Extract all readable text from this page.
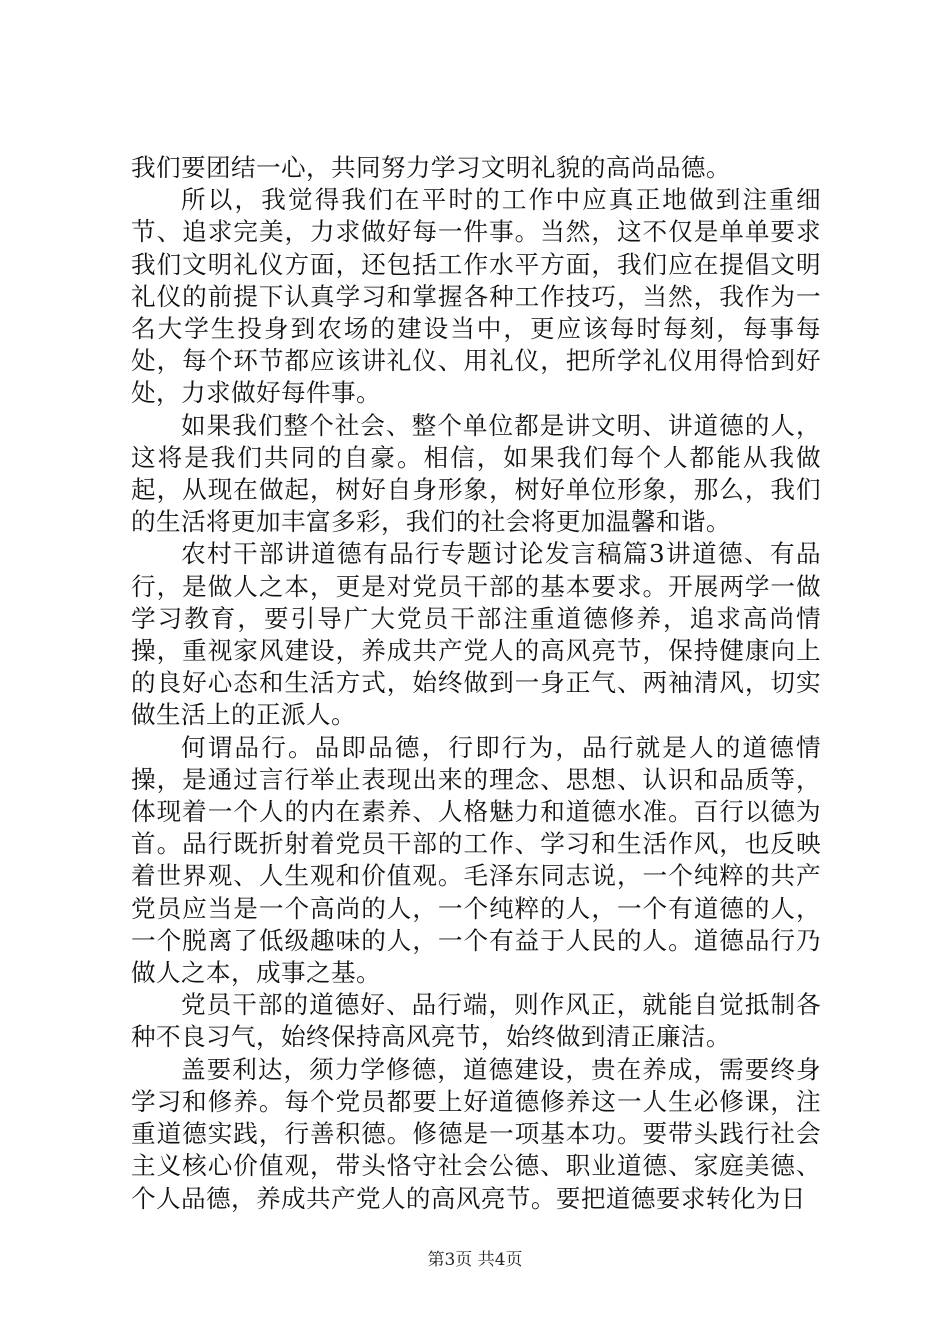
我们要团结一心，共同努力学习文明礼貌的高尚品德。

所以，我觉得我们在平时的工作中应真正地做到注重细节、追求完美，力求做好每一件事。当然，这不仅是单单要求我们文明礼仪方面，还包括工作水平方面，我们应在提倡文明礼仪的前提下认真学习和掌握各种工作技巧，当然，我作为一名大学生投身到农场的建设当中，更应该每时每刻，每事每处，每个环节都应该讲礼仪、用礼仪，把所学礼仪用得恰到好处，力求做好每件事。

如果我们整个社会、整个单位都是讲文明、讲道德的人，这将是我们共同的自豪。相信，如果我们每个人都能从我做起，从现在做起，树好自身形象，树好单位形象，那么，我们的生活将更加丰富多彩，我们的社会将更加温馨和谐。

农村干部讲道德有品行专题讨论发言稿篇3讲道德、有品行，是做人之本，更是对党员干部的基本要求。开展两学一做学习教育，要引导广大党员干部注重道德修养，追求高尚情操，重视家风建设，养成共产党人的高风亮节，保持健康向上的良好心态和生活方式，始终做到一身正气、两袖清风，切实做生活上的正派人。

何谓品行。品即品德，行即行为，品行就是人的道德情操，是通过言行举止表现出来的理念、思想、认识和品质等，体现着一个人的内在素养、人格魅力和道德水准。百行以德为首。品行既折射着党员干部的工作、学习和生活作风，也反映着世界观、人生观和价值观。毛泽东同志说，一个纯粹的共产党员应当是一个高尚的人，一个纯粹的人，一个有道德的人，一个脱离了低级趣味的人，一个有益于人民的人。道德品行乃做人之本，成事之基。

党员干部的道德好、品行端，则作风正，就能自觉抵制各种不良习气，始终保持高风亮节，始终做到清正廉洁。

盖要利达，须力学修德，道德建设，贵在养成，需要终身学习和修养。每个党员都要上好道德修养这一人生必修课，注重道德实践，行善积德。修德是一项基本功。要带头践行社会主义核心价值观，带头恪守社会公德、职业道德、家庭美德、个人品德，养成共产党人的高风亮节。要把道德要求转化为日

第3页 共4页
